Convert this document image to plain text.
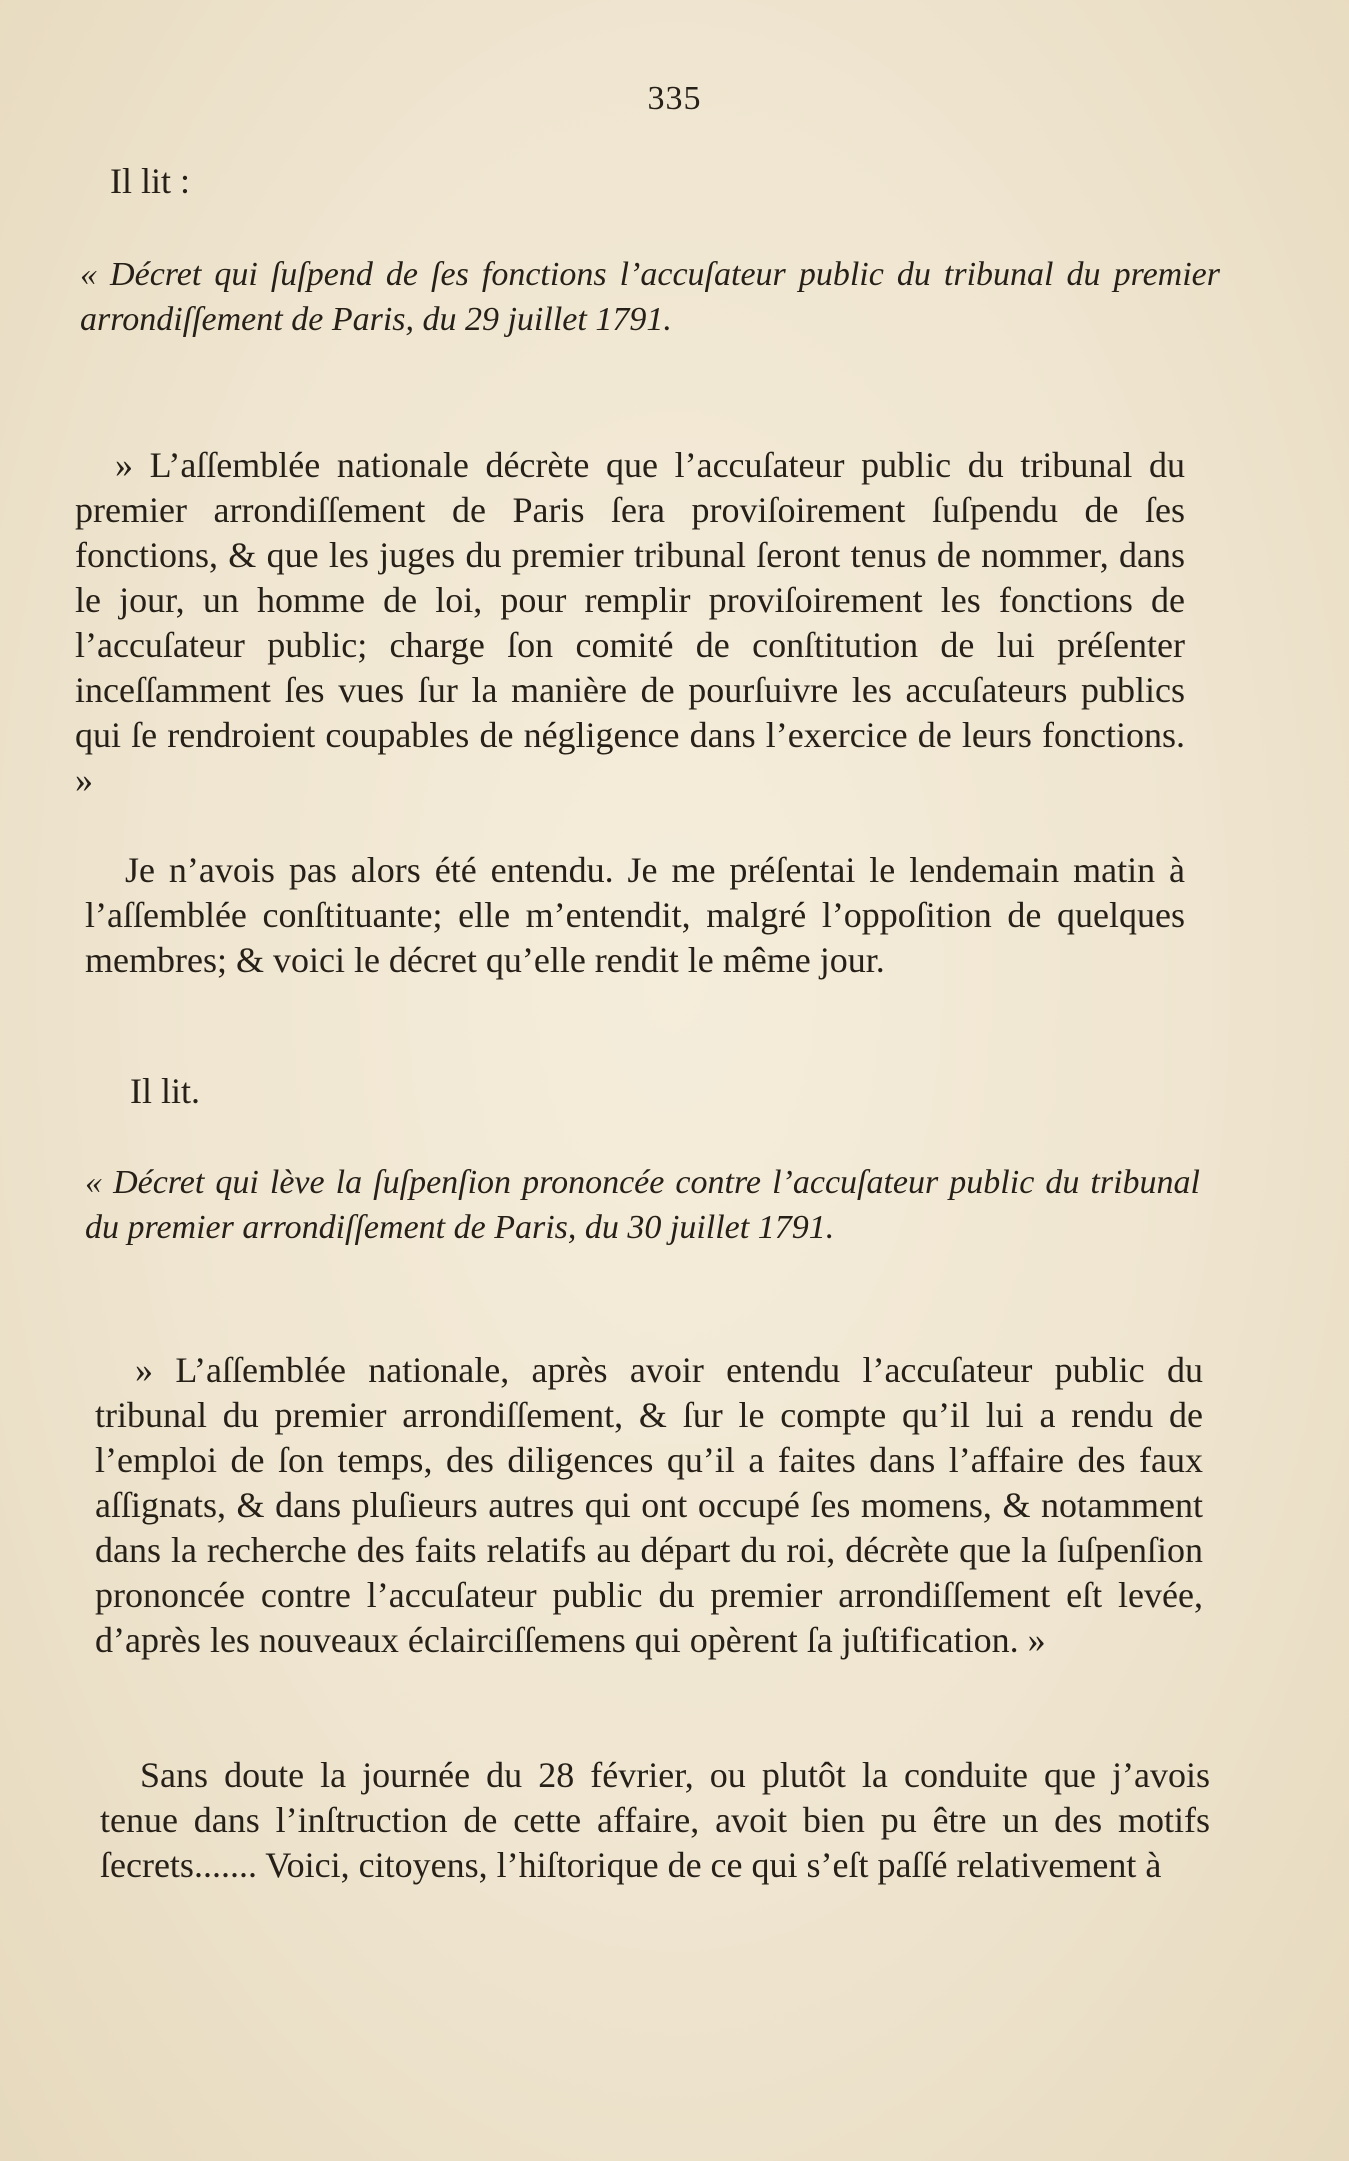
335
Il lit :
« Décret qui ſuſpend de ſes fonctions l’accuſateur public du tribunal du premier arrondiſſement de Paris, du 29 juillet 1791.
» L’aſſemblée nationale décrète que l’accuſateur public du tribunal du premier arrondiſſement de Paris ſera proviſoirement ſuſpendu de ſes fonctions, & que les juges du premier tribunal ſeront tenus de nommer, dans le jour, un homme de loi, pour remplir proviſoirement les fonctions de l’accuſateur public; charge ſon comité de conſtitution de lui préſenter inceſſamment ſes vues ſur la manière de pourſuivre les accuſateurs publics qui ſe rendroient coupables de négligence dans l’exercice de leurs fonctions. »
Je n’avois pas alors été entendu. Je me préſentai le lendemain matin à l’aſſemblée conſtituante; elle m’entendit, malgré l’oppoſition de quelques membres; & voici le décret qu’elle rendit le même jour.
Il lit.
« Décret qui lève la ſuſpenſion prononcée contre l’accuſateur public du tribunal du premier arrondiſſement de Paris, du 30 juillet 1791.
» L’aſſemblée nationale, après avoir entendu l’accuſateur public du tribunal du premier arrondiſſement, & ſur le compte qu’il lui a rendu de l’emploi de ſon temps, des diligences qu’il a faites dans l’affaire des faux aſſignats, & dans pluſieurs autres qui ont occupé ſes momens, & notamment dans la recherche des faits relatifs au départ du roi, décrète que la ſuſpenſion prononcée contre l’accuſateur public du premier arrondiſſement eſt levée, d’après les nouveaux éclairciſſemens qui opèrent ſa juſtification. »
Sans doute la journée du 28 février, ou plutôt la conduite que j’avois tenue dans l’inſtruction de cette affaire, avoit bien pu être un des motifs ſecrets....... Voici, citoyens, l’hiſtorique de ce qui s’eſt paſſé relativement à
